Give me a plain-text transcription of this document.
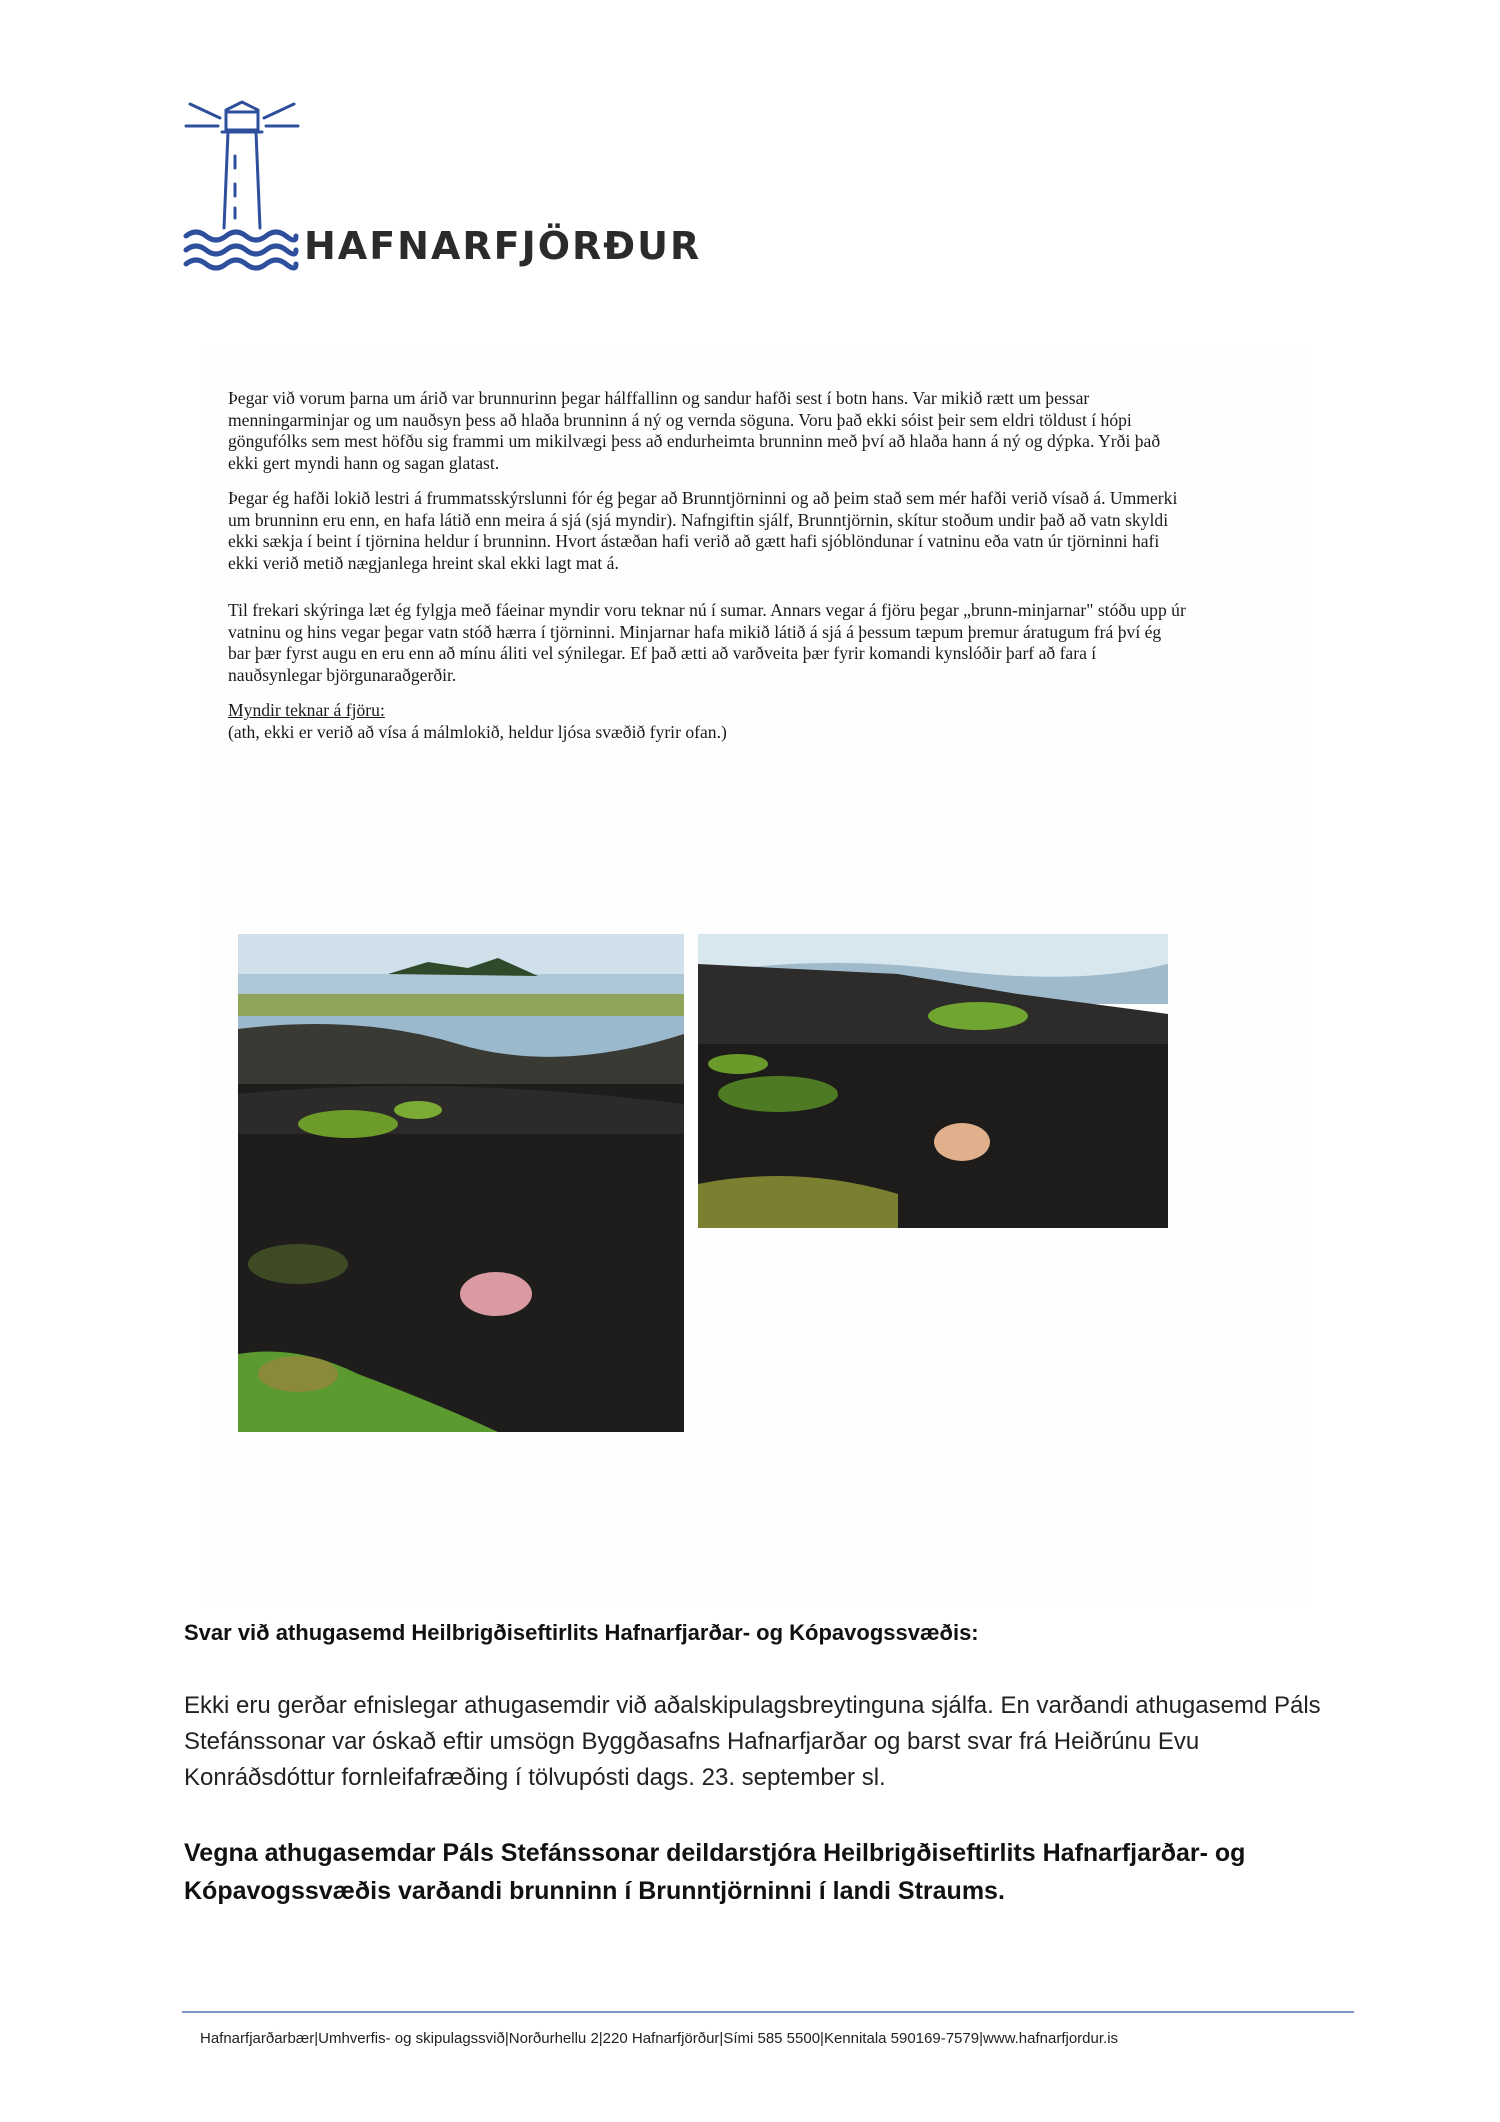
HAFNARFJÖRÐUR

Þegar við vorum þarna um árið var brunnurinn þegar hálffallinn og sandur hafði sest í botn hans. Var mikið rætt um þessar menningarminjar og um nauðsyn þess að hlaða brunninn á ný og vernda söguna. Voru það ekki sóist þeir sem eldri töldust í hópi göngufólks sem mest höfðu sig frammi um mikilvægi þess að endurheimta brunninn með því að hlaða hann á ný og dýpka. Yrði það ekki gert myndi hann og sagan glatast.

Þegar ég hafði lokið lestri á frummatsskýrslunni fór ég þegar að Brunntjörninni og að þeim stað sem mér hafði verið vísað á. Ummerki um brunninn eru enn, en hafa látið enn meira á sjá (sjá myndir). Nafngiftin sjálf, Brunntjörnin, skítur stoðum undir það að vatn skyldi ekki sækja í beint í tjörnina heldur í brunninn. Hvort ástæðan hafi verið að gætt hafi sjóblöndunar í vatninu eða vatn úr tjörninni hafi ekki verið metið nægjanlega hreint skal ekki lagt mat á.

Til frekari skýringa læt ég fylgja með fáeinar myndir voru teknar nú í sumar. Annars vegar á fjöru þegar „brunn-minjarnar" stóðu upp úr vatninu og hins vegar þegar vatn stóð hærra í tjörninni. Minjarnar hafa mikið látið á sjá á þessum tæpum þremur áratugum frá því ég bar þær fyrst augu en eru enn að mínu áliti vel sýnilegar. Ef það ætti að varðveita þær fyrir komandi kynslóðir þarf að fara í nauðsynlegar björgunaraðgerðir.

Myndir teknar á fjöru:
(ath, ekki er verið að vísa á málmlokið, heldur ljósa svæðið fyrir ofan.)

Svar við athugasemd Heilbrigðiseftirlits Hafnarfjarðar- og Kópavogssvæðis:
Ekki eru gerðar efnislegar athugasemdir við aðalskipulagsbreytinguna sjálfa. En varðandi athugasemd Páls Stefánssonar var óskað eftir umsögn Byggðasafns Hafnarfjarðar og barst svar frá Heiðrúnu Evu Konráðsdóttur fornleifafræðing í tölvupósti dags. 23. september sl.
Vegna athugasemdar Páls Stefánssonar deildarstjóra Heilbrigðiseftirlits Hafnarfjarðar- og Kópavogssvæðis varðandi brunninn í Brunntjörninni í landi Straums.
Hafnarfjarðarbær|Umhverfis- og skipulagssvið|Norðurhellu 2|220 Hafnarfjörður|Sími 585 5500|Kennitala 590169-7579|www.hafnarfjordur.is
